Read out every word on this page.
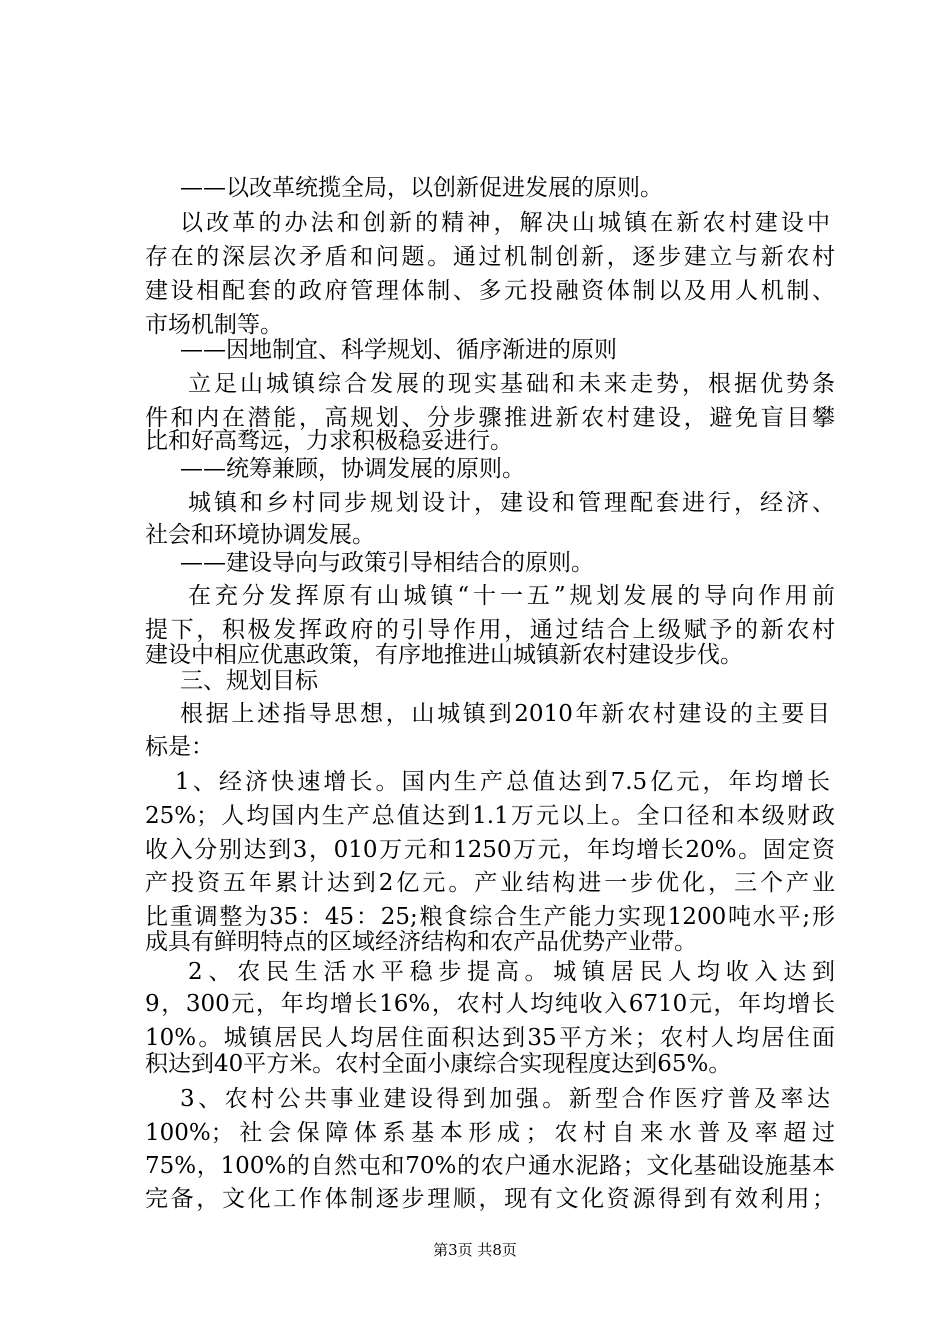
——以改革统揽全局，以创新促进发展的原则。
以改革的办法和创新的精神，解决山城镇在新农村建设中
存在的深层次矛盾和问题。通过机制创新，逐步建立与新农村
建设相配套的政府管理体制、多元投融资体制以及用人机制、
市场机制等。
——因地制宜、科学规划、循序渐进的原则
立足山城镇综合发展的现实基础和未来走势，根据优势条
件和内在潜能，高规划、分步骤推进新农村建设，避免盲目攀
比和好高骛远，力求积极稳妥进行。
——统筹兼顾，协调发展的原则。
城镇和乡村同步规划设计，建设和管理配套进行，经济、
社会和环境协调发展。
——建设导向与政策引导相结合的原则。
在充分发挥原有山城镇“十一五”规划发展的导向作用前
提下，积极发挥政府的引导作用，通过结合上级赋予的新农村
建设中相应优惠政策，有序地推进山城镇新农村建设步伐。
三、规划目标
根据上述指导思想，山城镇到2010年新农村建设的主要目
标是：
1、经济快速增长。国内生产总值达到7.5亿元，年均增长
25%；人均国内生产总值达到1.1万元以上。全口径和本级财政
收入分别达到3，010万元和1250万元，年均增长20%。固定资
产投资五年累计达到2亿元。产业结构进一步优化，三个产业
比重调整为35：45：25;粮食综合生产能力实现1200吨水平;形
成具有鲜明特点的区域经济结构和农产品优势产业带。
2、农民生活水平稳步提高。城镇居民人均收入达到
9，300元，年均增长16%，农村人均纯收入6710元，年均增长
10%。城镇居民人均居住面积达到35平方米；农村人均居住面
积达到40平方米。农村全面小康综合实现程度达到65%。
3、农村公共事业建设得到加强。新型合作医疗普及率达
100%；社会保障体系基本形成；农村自来水普及率超过
75%，100%的自然屯和70%的农户通水泥路；文化基础设施基本
完备，文化工作体制逐步理顺，现有文化资源得到有效利用；
第3页 共8页
